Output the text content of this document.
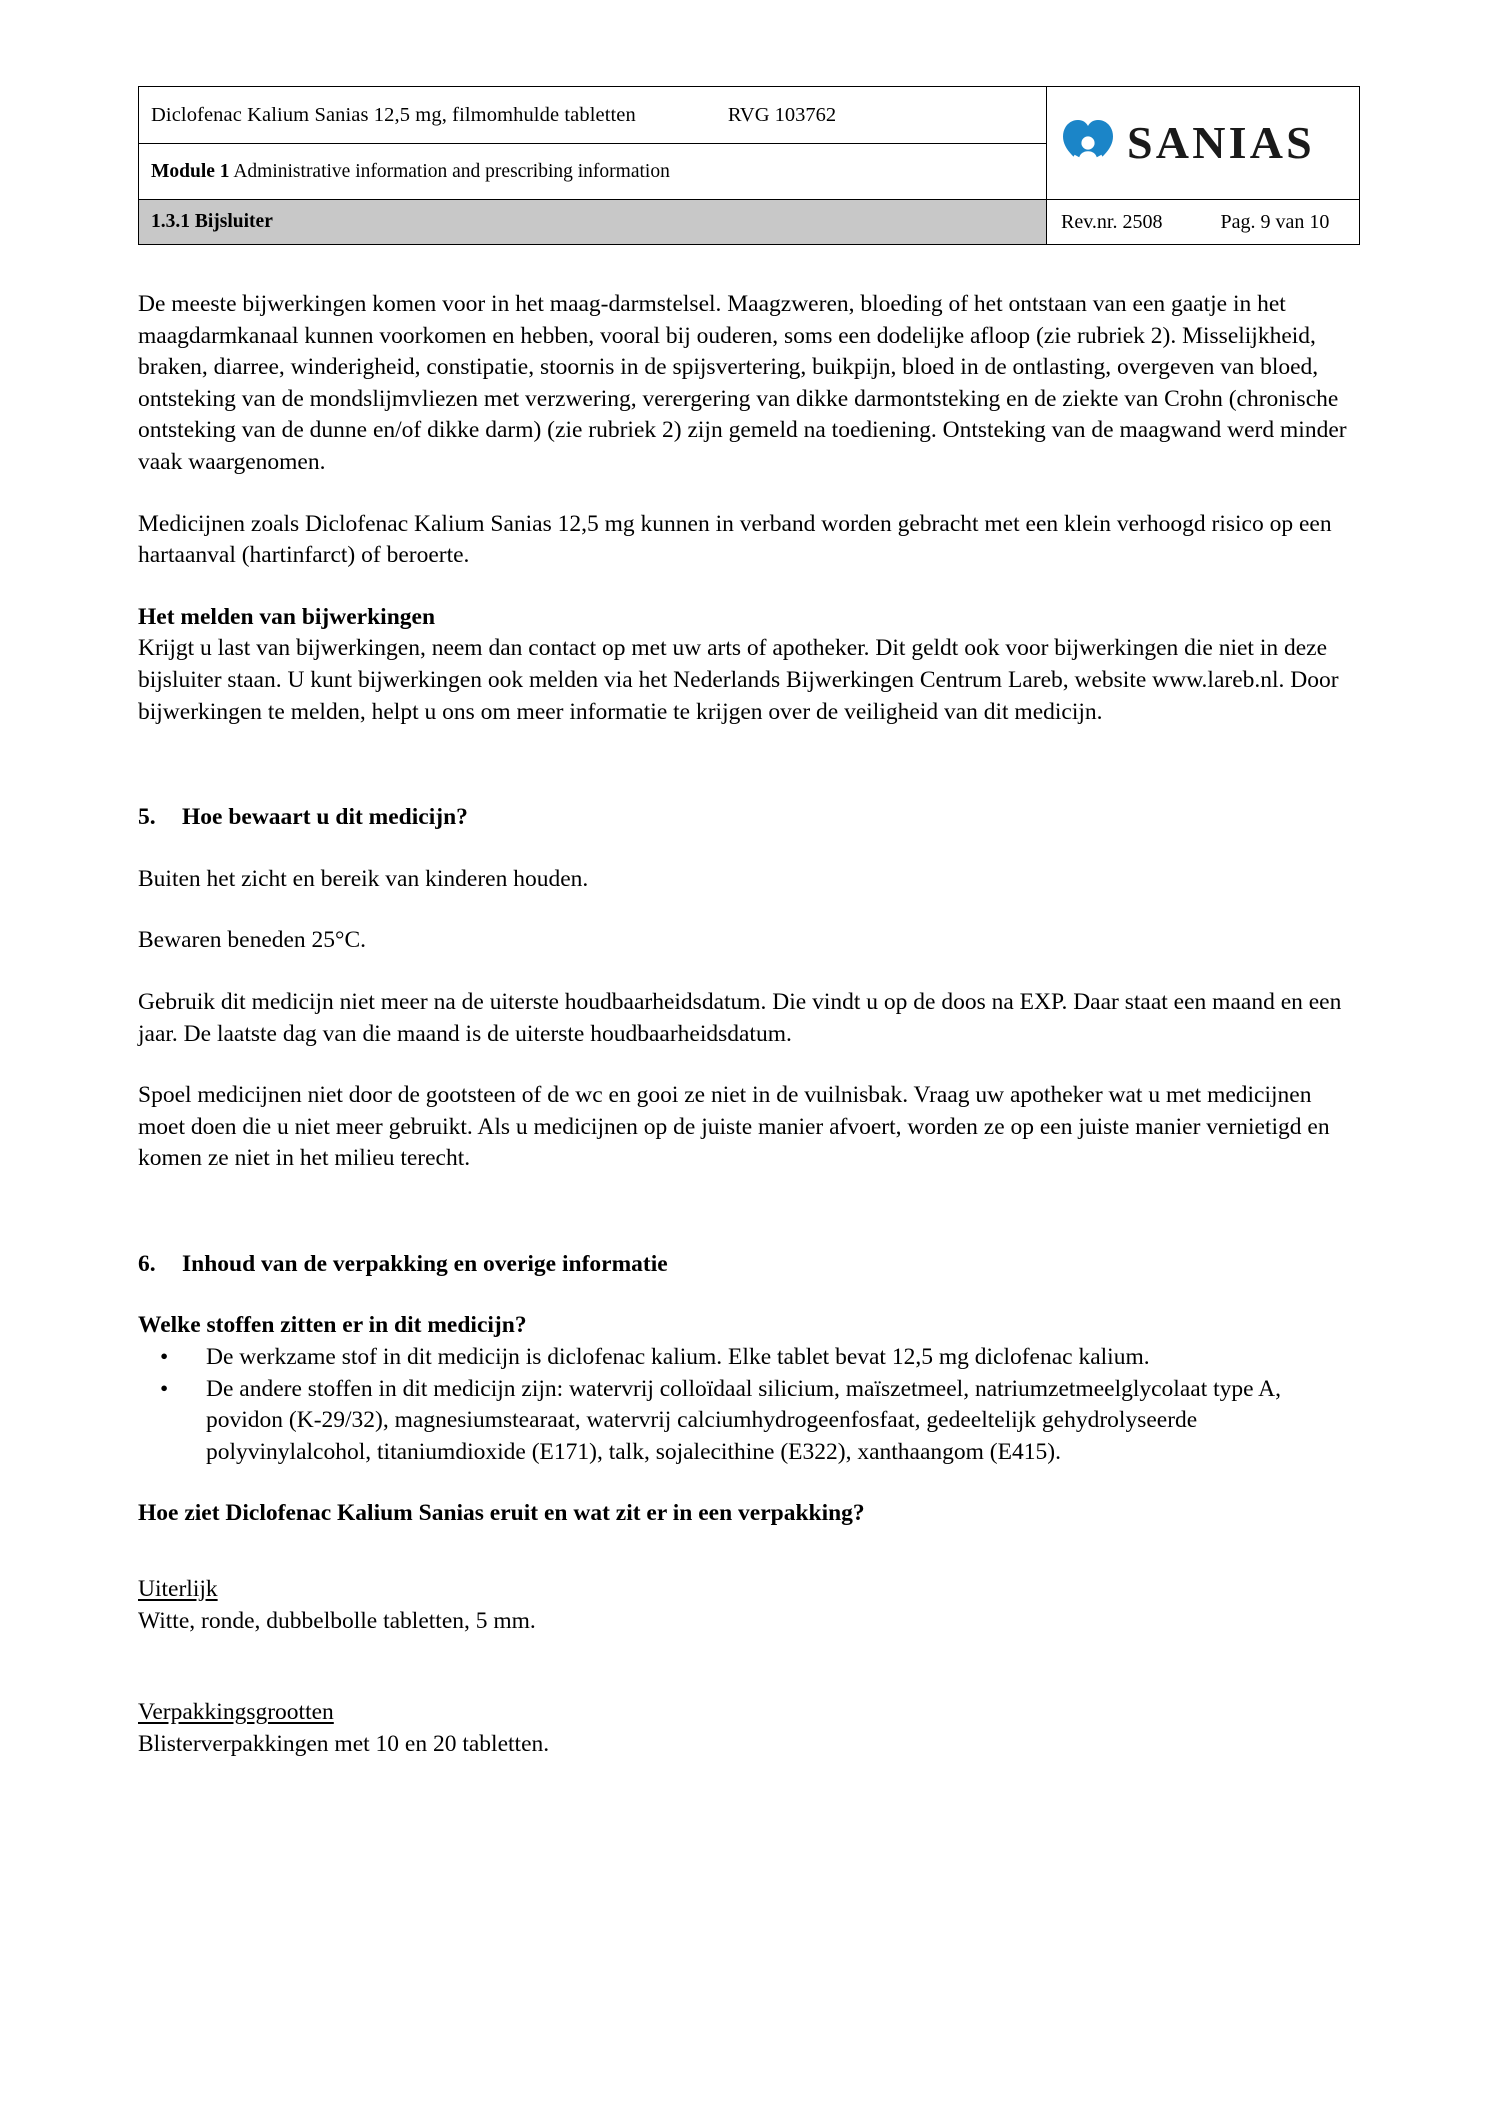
Diclofenac Kalium Sanias 12,5 mg, filmomhulde tabletten RVG 103762	SANIAS

Module 1 Administrative information and prescribing information	
1.3.1 Bijsluiter	Rev.nr. 2508 Pag. 9 van 10

De meeste bijwerkingen komen voor in het maag-darmstelsel. Maagzweren, bloeding of het ontstaan van een gaatje in het maagdarmkanaal kunnen voorkomen en hebben, vooral bij ouderen, soms een dodelijke afloop (zie rubriek 2). Misselijkheid, braken, diarree, winderigheid, constipatie, stoornis in de spijsvertering, buikpijn, bloed in de ontlasting, overgeven van bloed, ontsteking van de mondslijmvliezen met verzwering, verergering van dikke darmontsteking en de ziekte van Crohn (chronische ontsteking van de dunne en/of dikke darm) (zie rubriek 2) zijn gemeld na toediening. Ontsteking van de maagwand werd minder vaak waargenomen.

Medicijnen zoals Diclofenac Kalium Sanias 12,5 mg kunnen in verband worden gebracht met een klein verhoogd risico op een hartaanval (hartinfarct) of beroerte.

Het melden van bijwerkingen

Krijgt u last van bijwerkingen, neem dan contact op met uw arts of apotheker. Dit geldt ook voor bijwerkingen die niet in deze bijsluiter staan. U kunt bijwerkingen ook melden via het Nederlands Bijwerkingen Centrum Lareb, website www.lareb.nl. Door bijwerkingen te melden, helpt u ons om meer informatie te krijgen over de veiligheid van dit medicijn.

5.	Hoe bewaart u dit medicijn?

Buiten het zicht en bereik van kinderen houden.

Bewaren beneden 25°C.

Gebruik dit medicijn niet meer na de uiterste houdbaarheidsdatum. Die vindt u op de doos na EXP. Daar staat een maand en een jaar. De laatste dag van die maand is de uiterste houdbaarheidsdatum.

Spoel medicijnen niet door de gootsteen of de wc en gooi ze niet in de vuilnisbak. Vraag uw apotheker wat u met medicijnen moet doen die u niet meer gebruikt. Als u medicijnen op de juiste manier afvoert, worden ze op een juiste manier vernietigd en komen ze niet in het milieu terecht.

6.	Inhoud van de verpakking en overige informatie
Welke stoffen zitten er in dit medicijn?
• De werkzame stof in dit medicijn is diclofenac kalium. Elke tablet bevat 12,5 mg diclofenac kalium.
• De andere stoffen in dit medicijn zijn: watervrij colloïdaal silicium, maïszetmeel, natriumzetmeelglycolaat type A, povidon (K-29/32), magnesiumstearaat, watervrij calciumhydrogeenfosfaat, gedeeltelijk gehydrolyseerde polyvinylalcohol, titaniumdioxide (E171), talk, sojalecithine (E322), xanthaangom (E415).
Hoe ziet Diclofenac Kalium Sanias eruit en wat zit er in een verpakking?
Uiterlijk

Witte, ronde, dubbelbolle tabletten, 5 mm.

Verpakkingsgrootten

Blisterverpakkingen met 10 en 20 tabletten.
